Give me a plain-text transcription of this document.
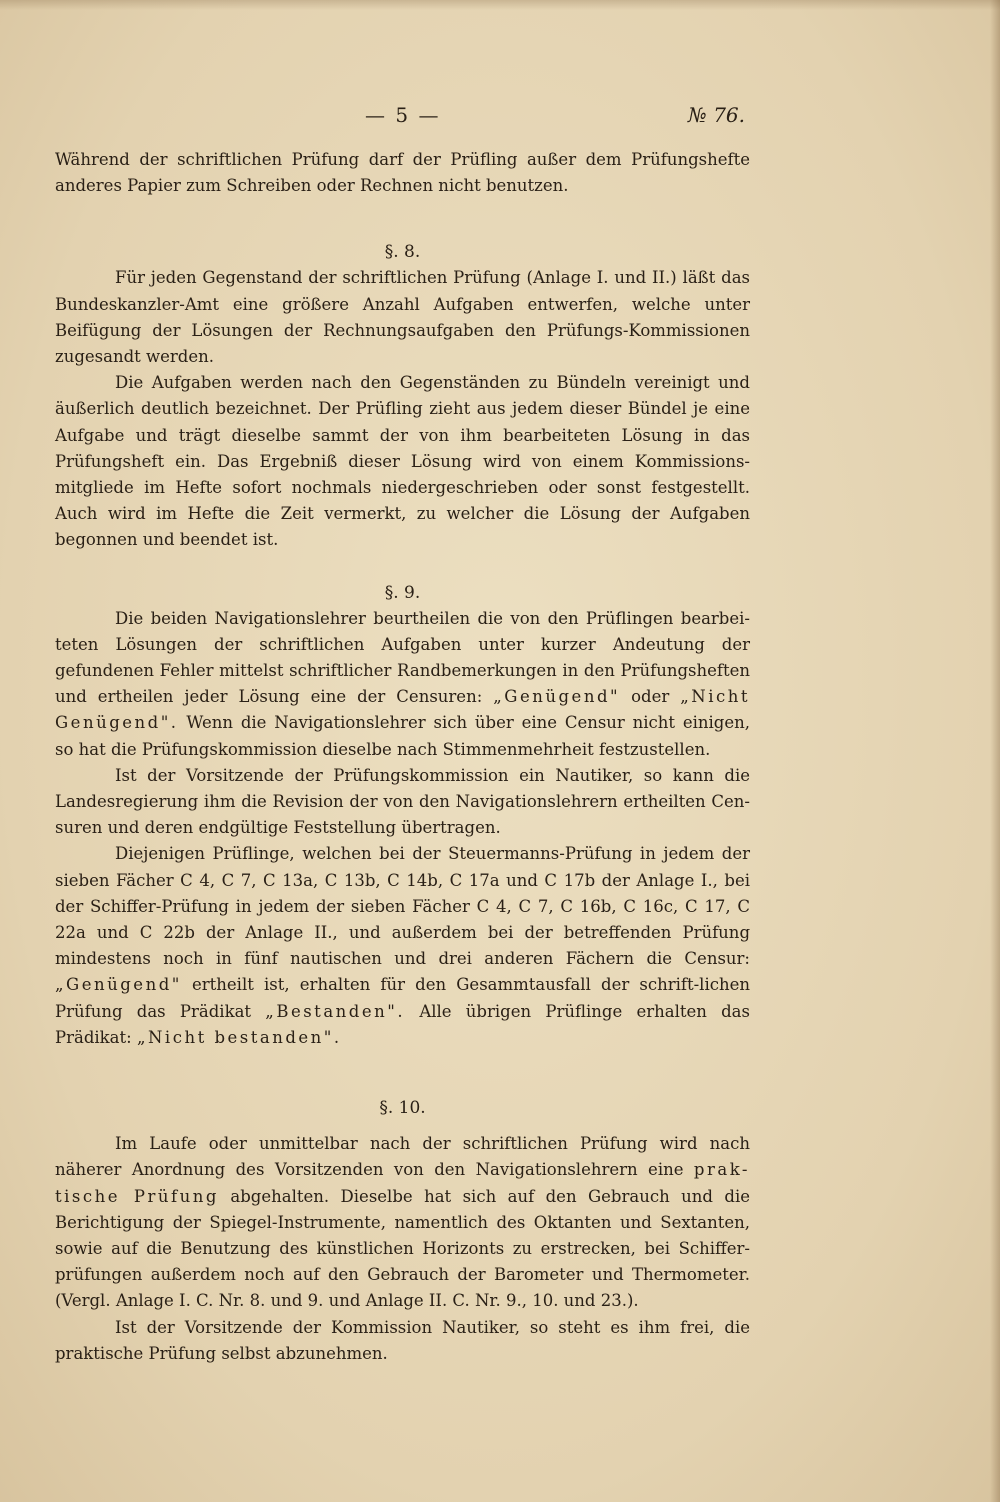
— 5 —	№ 76.

Während der schriftlichen Prüfung darf der Prüfling außer dem Prüfungshefte anderes Papier zum Schreiben oder Rechnen nicht benutzen.

§. 8.

Für jeden Gegenstand der schriftlichen Prüfung (Anlage I. und II.) läßt das Bundeskanzler-Amt eine größere Anzahl Aufgaben entwerfen, welche unter Beifügung der Lösungen der Rechnungsaufgaben den Prüfungs-Kommissionen zugesandt werden.

Die Aufgaben werden nach den Gegenständen zu Bündeln vereinigt und äußerlich deutlich bezeichnet. Der Prüfling zieht aus jedem dieser Bündel je eine Aufgabe und trägt dieselbe sammt der von ihm bearbeiteten Lösung in das Prüfungsheft ein. Das Ergebniß dieser Lösung wird von einem Kommissions-mitgliede im Hefte sofort nochmals niedergeschrieben oder sonst festgestellt. Auch wird im Hefte die Zeit vermerkt, zu welcher die Lösung der Aufgaben begonnen und beendet ist.

§. 9.

Die beiden Navigationslehrer beurtheilen die von den Prüflingen bearbei-teten Lösungen der schriftlichen Aufgaben unter kurzer Andeutung der gefundenen Fehler mittelst schriftlicher Randbemerkungen in den Prüfungsheften und ertheilen jeder Lösung eine der Censuren: „Genügend" oder „Nicht Genügend". Wenn die Navigationslehrer sich über eine Censur nicht einigen, so hat die Prüfungskommission dieselbe nach Stimmenmehrheit festzustellen.

Ist der Vorsitzende der Prüfungskommission ein Nautiker, so kann die Landesregierung ihm die Revision der von den Navigationslehrern ertheilten Cen-suren und deren endgültige Feststellung übertragen.

Diejenigen Prüflinge, welchen bei der Steuermanns-Prüfung in jedem der sieben Fächer C 4, C 7, C 13a, C 13b, C 14b, C 17a und C 17b der Anlage I., bei der Schiffer-Prüfung in jedem der sieben Fächer C 4, C 7, C 16b, C 16c, C 17, C 22a und C 22b der Anlage II., und außerdem bei der betreffenden Prüfung mindestens noch in fünf nautischen und drei anderen Fächern die Censur: „Genügend" ertheilt ist, erhalten für den Gesammtausfall der schrift-lichen Prüfung das Prädikat „Bestanden". Alle übrigen Prüflinge erhalten das Prädikat: „Nicht bestanden".

§. 10.

Im Laufe oder unmittelbar nach der schriftlichen Prüfung wird nach näherer Anordnung des Vorsitzenden von den Navigationslehrern eine prak-tische Prüfung abgehalten. Dieselbe hat sich auf den Gebrauch und die Berichtigung der Spiegel-Instrumente, namentlich des Oktanten und Sextanten, sowie auf die Benutzung des künstlichen Horizonts zu erstrecken, bei Schiffer-prüfungen außerdem noch auf den Gebrauch der Barometer und Thermometer. (Vergl. Anlage I. C. Nr. 8. und 9. und Anlage II. C. Nr. 9., 10. und 23.).

Ist der Vorsitzende der Kommission Nautiker, so steht es ihm frei, die praktische Prüfung selbst abzunehmen.
